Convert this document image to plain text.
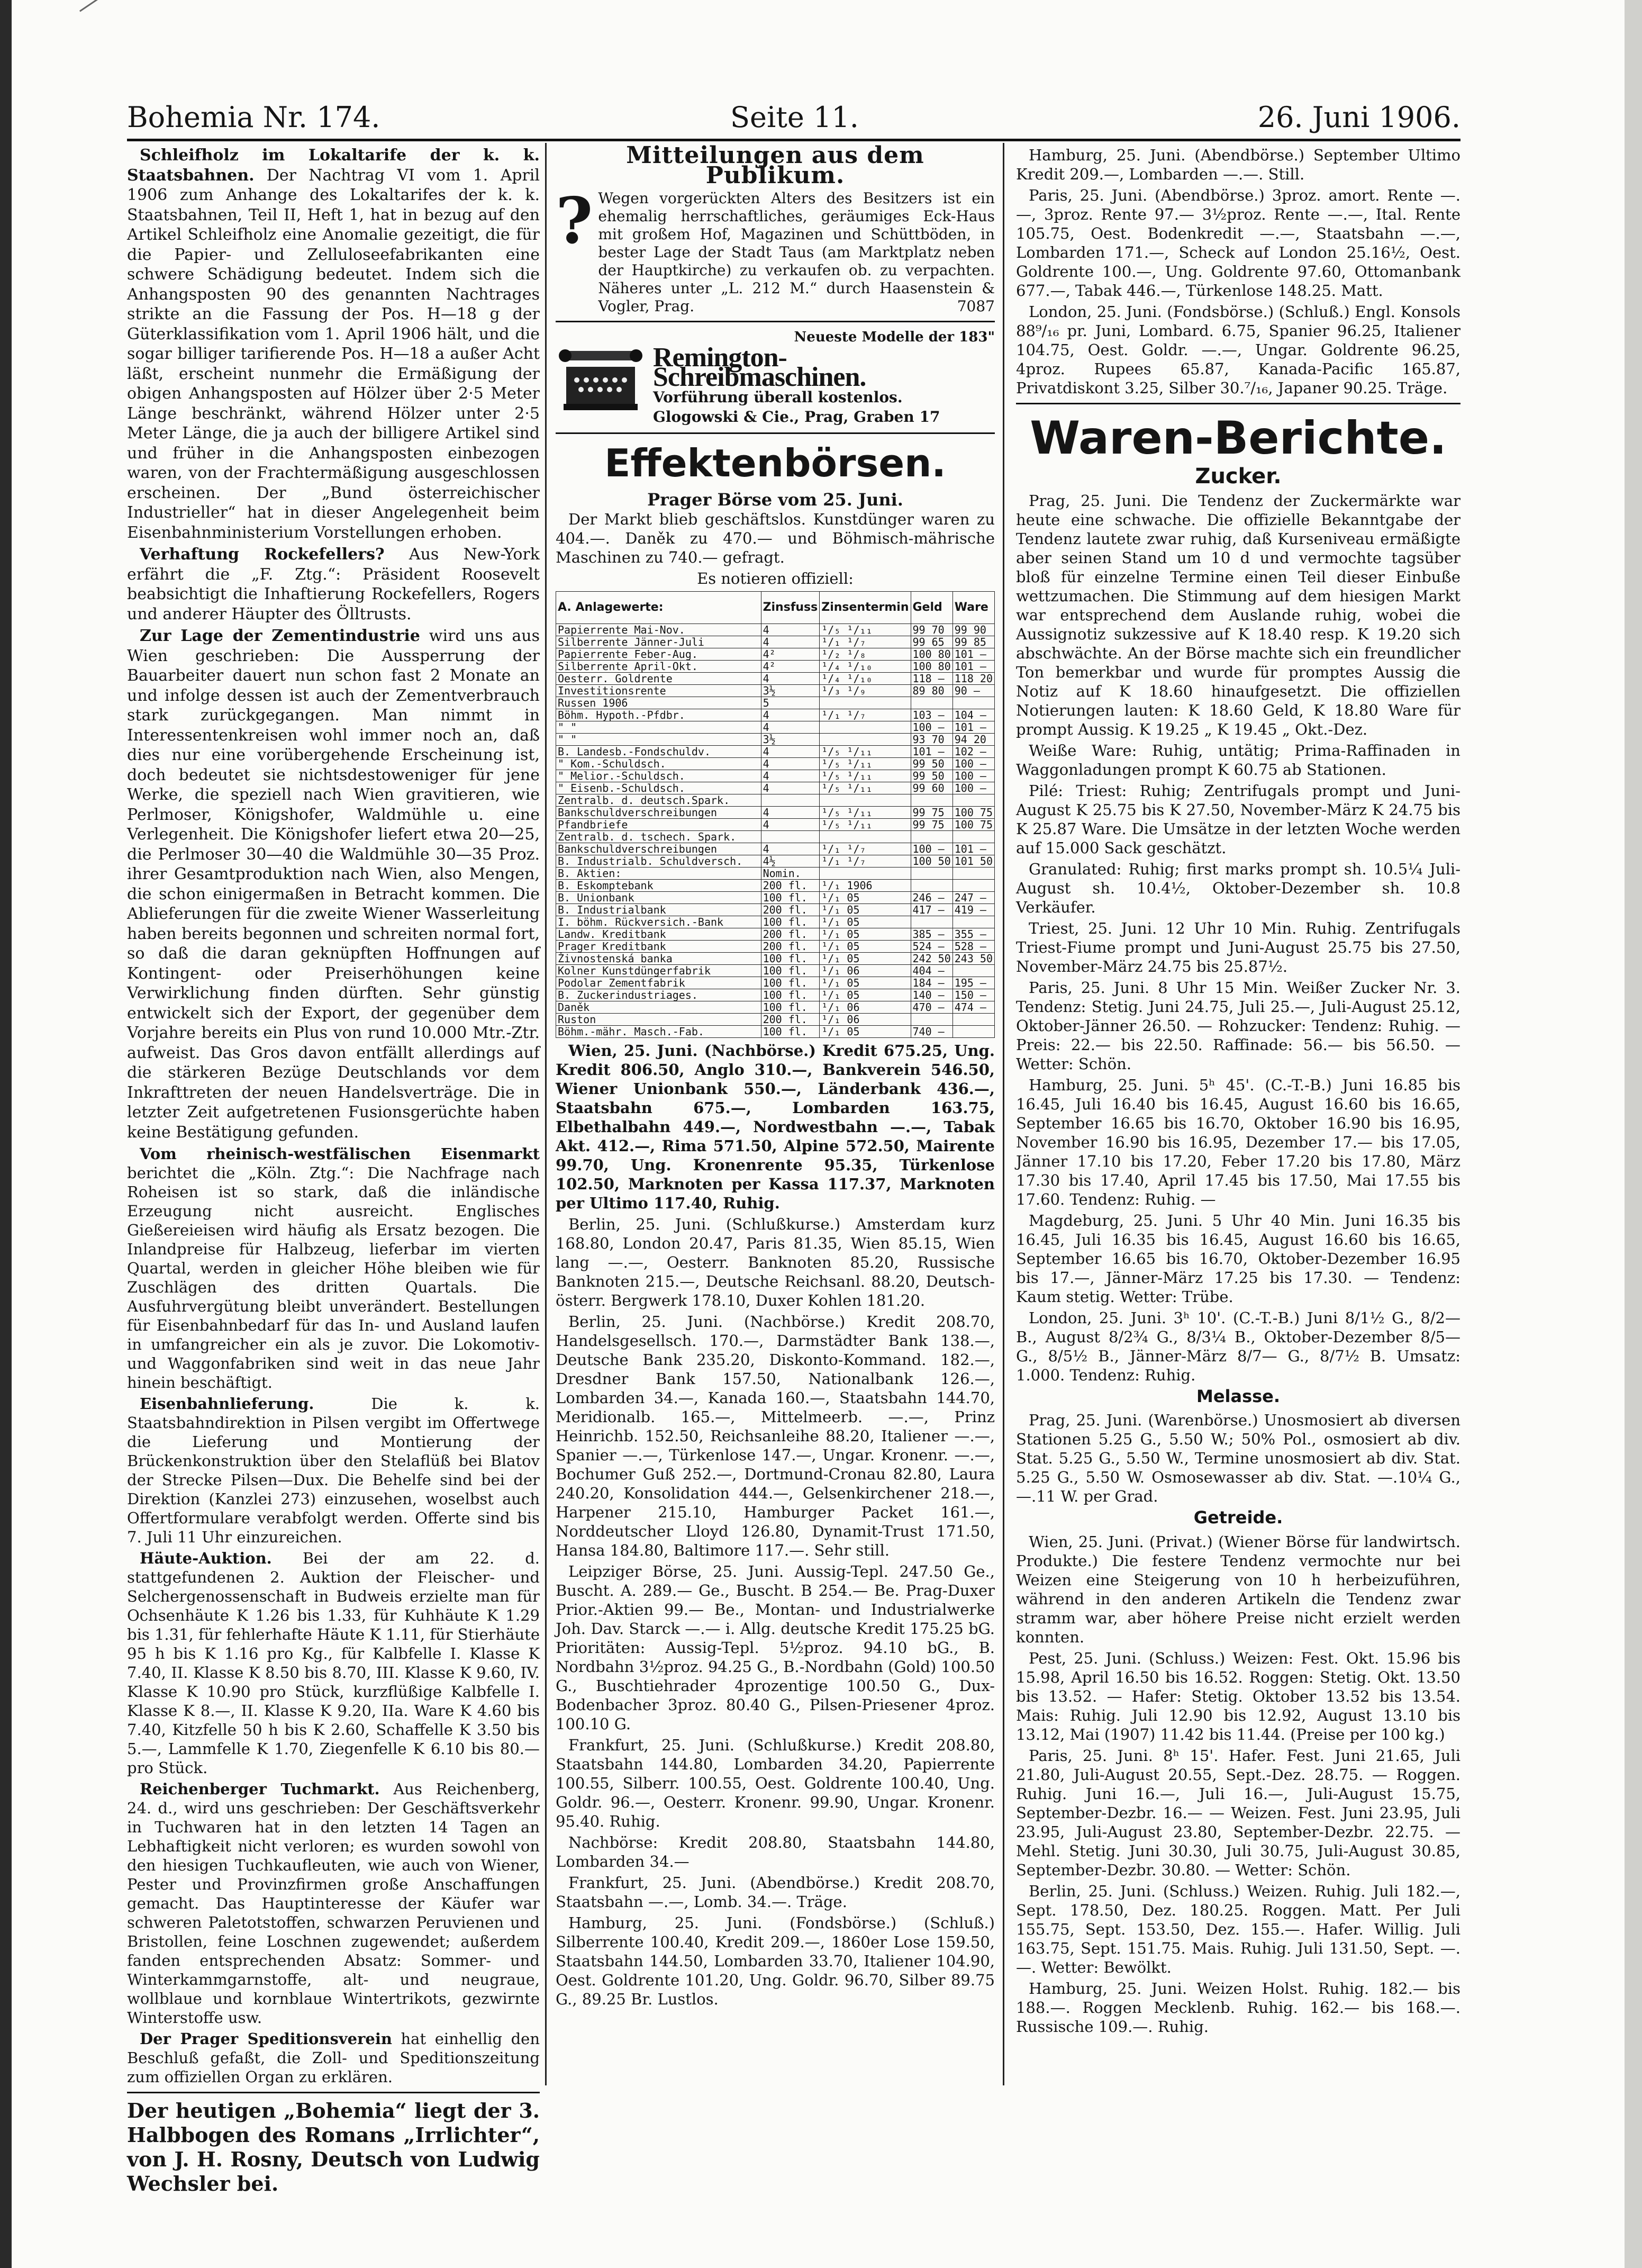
Bohemia Nr. 174.	Seite 11.	26. Juni 1906.

Schleifholz im Lokaltarife der k. k. Staatsbahnen. Der Nachtrag VI vom 1. April 1906 zum Anhange des Lokaltarifes der k. k. Staatsbahnen, Teil II, Heft 1, hat in bezug auf den Artikel Schleifholz eine Anomalie gezeitigt, die für die Papier- und Zelluloseefabrikanten eine schwere Schädigung bedeutet. Indem sich die Anhangsposten 90 des genannten Nachtrages strikte an die Fassung der Pos. H—18 g der Güterklassifikation vom 1. April 1906 hält, und die sogar billiger tarifierende Pos. H—18 a außer Acht läßt, erscheint nunmehr die Ermäßigung der obigen Anhangsposten auf Hölzer über 2·5 Meter Länge beschränkt, während Hölzer unter 2·5 Meter Länge, die ja auch der billigere Artikel sind und früher in die Anhangsposten einbezogen waren, von der Frachtermäßigung ausgeschlossen erscheinen. Der „Bund österreichischer Industrieller“ hat in dieser Angelegenheit beim Eisenbahnministerium Vorstellungen erhoben.

Verhaftung Rockefellers? Aus New-York erfährt die „F. Ztg.“: Präsident Roosevelt beabsichtigt die Inhaftierung Rockefellers, Rogers und anderer Häupter des Ölltrusts.

Zur Lage der Zementindustrie wird uns aus Wien geschrieben: Die Aussperrung der Bauarbeiter dauert nun schon fast 2 Monate an und infolge dessen ist auch der Zementverbrauch stark zurückgegangen. Man nimmt in Interessentenkreisen wohl immer noch an, daß dies nur eine vorübergehende Erscheinung ist, doch bedeutet sie nichtsdestoweniger für jene Werke, die speziell nach Wien gravitieren, wie Perlmoser, Königshofer, Waldmühle u. eine Verlegenheit. Die Königshofer liefert etwa 20—25, die Perlmoser 30—40 die Waldmühle 30—35 Proz. ihrer Gesamtproduktion nach Wien, also Mengen, die schon einigermaßen in Betracht kommen. Die Ablieferungen für die zweite Wiener Wasserleitung haben bereits begonnen und schreiten normal fort, so daß die daran geknüpften Hoffnungen auf Kontingent- oder Preiserhöhungen keine Verwirklichung finden dürften. Sehr günstig entwickelt sich der Export, der gegenüber dem Vorjahre bereits ein Plus von rund 10.000 Mtr.-Ztr. aufweist. Das Gros davon entfällt allerdings auf die stärkeren Bezüge Deutschlands vor dem Inkrafttreten der neuen Handelsverträge. Die in letzter Zeit aufgetretenen Fusionsgerüchte haben keine Bestätigung gefunden.

Vom rheinisch-westfälischen Eisenmarkt berichtet die „Köln. Ztg.“: Die Nachfrage nach Roheisen ist so stark, daß die inländische Erzeugung nicht ausreicht. Englisches Gießereieisen wird häufig als Ersatz bezogen. Die Inlandpreise für Halbzeug, lieferbar im vierten Quartal, werden in gleicher Höhe bleiben wie für Zuschlägen des dritten Quartals. Die Ausfuhrvergütung bleibt unverändert. Bestellungen für Eisenbahnbedarf für das In- und Ausland laufen in umfangreicher ein als je zuvor. Die Lokomotiv- und Waggonfabriken sind weit in das neue Jahr hinein beschäftigt.

Eisenbahnlieferung.	Die k. k. Staatsbahndirektion in Pilsen vergibt im Offertwege die Lieferung und Montierung der Brückenkonstruktion über den Stelaflüß bei Blatov der Strecke Pilsen—Dux. Die Behelfe sind bei der Direktion (Kanzlei 273) einzusehen, woselbst auch Offertformulare verabfolgt werden. Offerte sind bis 7. Juli 11 Uhr einzureichen.

Häute-Auktion. Bei der am 22. d. stattgefundenen 2. Auktion der Fleischer- und Selchergenossenschaft in Budweis erzielte man für Ochsenhäute K 1.26 bis 1.33, für Kuhhäute K 1.29 bis 1.31, für fehlerhafte Häute K 1.11, für Stierhäute 95 h bis K 1.16 pro Kg., für Kalbfelle I. Klasse K 7.40, II. Klasse K 8.50 bis 8.70, III. Klasse K 9.60, IV. Klasse K 10.90 pro Stück, kurzflüßige Kalbfelle I. Klasse K 8.—, II. Klasse K 9.20, IIa. Ware K 4.60 bis 7.40, Kitzfelle 50 h bis K 2.60, Schaffelle K 3.50 bis 5.—, Lammfelle K 1.70, Ziegenfelle K 6.10 bis 80.— pro Stück.

Reichenberger Tuchmarkt. Aus Reichenberg, 24. d., wird uns geschrieben: Der Geschäftsverkehr in Tuchwaren hat in den letzten 14 Tagen an Lebhaftigkeit nicht verloren; es wurden sowohl von den hiesigen Tuchkaufleuten, wie auch von Wiener, Pester und Provinzfirmen große Anschaffungen gemacht. Das Hauptinteresse der Käufer war schweren Paletotstoffen, schwarzen Peruvienen und Bristollen, feine Loschnen zugewendet; außerdem fanden entsprechenden Absatz: Sommer- und Winterkammgarnstoffe, alt- und neugraue, wollblaue und kornblaue Wintertrikots, gezwirnte Winterstoffe usw.

Der Prager Speditionsverein hat einhellig den Beschluß gefaßt, die Zoll- und Speditionszeitung zum offiziellen Organ zu erklären.

Der heutigen „Bohemia“ liegt der 3. Halbbogen des Romans „Irrlichter“, von J. H. Rosny, Deutsch von Ludwig Wechsler bei.

Mitteilungen aus dem Publikum.
? Wegen vorgerückten Alters des Besitzers ist ein ehemalig herrschaftliches, geräumiges Eck-Haus mit großem Hof, Magazinen und Schüttböden, in bester Lage der Stadt Taus (am Marktplatz neben der Hauptkirche) zu verkaufen ob. zu verpachten. Näheres unter „L. 212 M.“ durch Haasenstein & Vogler, Prag.	7087
Neueste Modelle der 183"
Remington-Schreibmaschinen.
Vorführung überall kostenlos.
Glogowski & Cie., Prag, Graben 17
Effektenbörsen.
Prager Börse vom 25. Juni.

Der Markt blieb geschäftslos. Kunstdünger waren zu 404.—. Daněk zu 470.— und Böhmisch-mährische Maschinen zu 740.— gefragt.

Es notieren offiziell:
A. Anlagewerte:	Zinsfuss	Zinsentermin	Geld	Ware
Papierrente Mai-Nov.	4	¹/₅ ¹/₁₁	99 70	99 90
Silberrente Jänner-Juli	4	¹/₁ ¹/₇	99 65	99 85
Papierrente Feber-Aug.	4²	¹/₂ ¹/₈	100 80	101 —
Silberrente April-Okt.	4²	¹/₄ ¹/₁₀	100 80	101 —
Oesterr. Goldrente	4	¹/₄ ¹/₁₀	118 —	118 20
Investitionsrente	3½	¹/₃ ¹/₉	89 80	90 —
Russen 1906	5			
Böhm. Hypoth.-Pfdbr.	4	¹/₁ ¹/₇	103 —	104 —
" "	4		100 —	101 —
" "	3½		93 70	94 20
B. Landesb.-Fondschuldv.	4	¹/₅ ¹/₁₁	101 —	102 —
" Kom.-Schuldsch.	4	¹/₅ ¹/₁₁	99 50	100 —
" Melior.-Schuldsch.	4	¹/₅ ¹/₁₁	99 50	100 —
" Eisenb.-Schuldsch.	4	¹/₅ ¹/₁₁	99 60	100 —
Zentralb. d. deutsch.Spark.				
Bankschuldverschreibungen	4	¹/₅ ¹/₁₁	99 75	100 75
Pfandbriefe	4	¹/₅ ¹/₁₁	99 75	100 75
Zentralb. d. tschech. Spark.				
Bankschuldverschreibungen	4	¹/₁ ¹/₇	100 —	101 —
B. Industrialb. Schuldversch.	4½	¹/₁ ¹/₇	100 50	101 50
B. Aktien:	Nomin.			
B. Eskomptebank	200 fl.	¹/₁ 1906		
B. Unionbank	100 fl.	¹/₁ 05	246 —	247 —
B. Industrialbank	200 fl.	¹/₁ 05	417 —	419 —
I. böhm. Rückversich.-Bank	100 fl.	¹/₁ 05		
Landw. Kreditbank	200 fl.	¹/₁ 05	385 —	355 —
Prager Kreditbank	200 fl.	¹/₁ 05	524 —	528 —
Živnostenská banka	100 fl.	¹/₁ 05	242 50	243 50
Kolner Kunstdüngerfabrik	100 fl.	¹/₁ 06	404 —	
Podolar Zementfabrik	100 fl.	¹/₁ 05	184 —	195 —
B. Zuckerindustriages.	100 fl.	¹/₁ 05	140 —	150 —
Daněk	100 fl.	¹/₁ 06	470 —	474 —
Ruston	200 fl.	¹/₁ 06		
Böhm.-mähr. Masch.-Fab.	100 fl.	¹/₁ 05	740 —	

Wien, 25. Juni. (Nachbörse.) Kredit 675.25, Ung. Kredit 806.50, Anglo 310.—, Bankverein 546.50, Wiener Unionbank 550.—, Länderbank 436.—, Staatsbahn 675.—, Lombarden 163.75, Elbethalbahn 449.—, Nordwestbahn —.—, Tabak Akt. 412.—, Rima 571.50, Alpine 572.50, Mairente 99.70, Ung. Kronenrente 95.35, Türkenlose 102.50, Marknoten per Kassa 117.37, Marknoten per Ultimo 117.40, Ruhig.

Berlin, 25. Juni. (Schlußkurse.) Amsterdam kurz 168.80, London 20.47, Paris 81.35, Wien 85.15, Wien lang —.—, Oesterr. Banknoten 85.20, Russische Banknoten 215.—, Deutsche Reichsanl. 88.20, Deutsch-österr. Bergwerk 178.10, Duxer Kohlen 181.20.

Berlin, 25. Juni. (Nachbörse.) Kredit 208.70, Handelsgesellsch. 170.—, Darmstädter Bank 138.—, Deutsche Bank 235.20, Diskonto-Kommand. 182.—, Dresdner Bank 157.50, Nationalbank 126.—, Lombarden 34.—, Kanada 160.—, Staatsbahn 144.70, Meridionalb. 165.—, Mittelmeerb. —.—, Prinz Heinrichb. 152.50, Reichsanleihe 88.20, Italiener —.—, Spanier —.—, Türkenlose 147.—, Ungar. Kronenr. —.—, Bochumer Guß 252.—, Dortmund-Cronau 82.80, Laura 240.20, Konsolidation 444.—, Gelsenkirchener 218.—, Harpener 215.10, Hamburger Packet 161.—, Norddeutscher Lloyd 126.80, Dynamit-Trust 171.50, Hansa 184.80, Baltimore 117.—. Sehr still.

Leipziger Börse, 25. Juni. Aussig-Tepl. 247.50 Ge., Buscht. A. 289.— Ge., Buscht. B 254.— Be. Prag-Duxer Prior.-Aktien 99.— Be., Montan- und Industrialwerke Joh. Dav. Starck —.— i. Allg. deutsche Kredit 175.25 bG. Prioritäten: Aussig-Tepl. 5½proz. 94.10 bG., B. Nordbahn 3½proz. 94.25 G., B.-Nordbahn (Gold) 100.50 G., Buschtiehrader 4prozentige 100.50 G., Dux-Bodenbacher 3proz. 80.40 G., Pilsen-Priesener 4proz. 100.10 G.

Frankfurt, 25. Juni. (Schlußkurse.) Kredit 208.80, Staatsbahn 144.80, Lombarden 34.20, Papierrente 100.55, Silberr. 100.55, Oest. Goldrente 100.40, Ung. Goldr. 96.—, Oesterr. Kronenr. 99.90, Ungar. Kronenr. 95.40. Ruhig.

Nachbörse: Kredit 208.80, Staatsbahn 144.80, Lombarden 34.—

Frankfurt, 25. Juni. (Abendbörse.) Kredit 208.70, Staatsbahn —.—, Lomb. 34.—. Träge.

Hamburg, 25. Juni. (Fondsbörse.) (Schluß.) Silberrente 100.40, Kredit 209.—, 1860er Lose 159.50, Staatsbahn 144.50, Lombarden 33.70, Italiener 104.90, Oest. Goldrente 101.20, Ung. Goldr. 96.70, Silber 89.75 G., 89.25 Br. Lustlos.

Hamburg, 25. Juni. (Abendbörse.) September Ultimo Kredit 209.—, Lombarden —.—. Still.

Paris, 25. Juni. (Abendbörse.) 3proz. amort. Rente —.—, 3proz. Rente 97.— 3½proz. Rente —.—, Ital. Rente 105.75, Oest. Bodenkredit —.—, Staatsbahn —.—, Lombarden 171.—, Scheck auf London 25.16½, Oest. Goldrente 100.—, Ung. Goldrente 97.60, Ottomanbank 677.—, Tabak 446.—, Türkenlose 148.25. Matt.

London, 25. Juni. (Fondsbörse.) (Schluß.) Engl. Konsols 88⁹/₁₆ pr. Juni, Lombard. 6.75, Spanier 96.25, Italiener 104.75, Oest. Goldr. —.—, Ungar. Goldrente 96.25, 4proz. Rupees 65.87, Kanada-Pacific 165.87, Privatdiskont 3.25, Silber 30.⁷/₁₆, Japaner 90.25. Träge.

Waren-Berichte.
Zucker.

Prag, 25. Juni. Die Tendenz der Zuckermärkte war heute eine schwache. Die offizielle Bekanntgabe der Tendenz lautete zwar ruhig, daß Kurseniveau ermäßigte aber seinen Stand um 10 d und vermochte tagsüber bloß für einzelne Termine einen Teil dieser Einbuße wettzumachen. Die Stimmung auf dem hiesigen Markt war entsprechend dem Auslande ruhig, wobei die Aussignotiz sukzessive auf K 18.40 resp. K 19.20 sich abschwächte. An der Börse machte sich ein freundlicher Ton bemerkbar und wurde für promptes Aussig die Notiz auf K 18.60 hinaufgesetzt. Die offiziellen Notierungen lauten: K 18.60 Geld, K 18.80 Ware für prompt Aussig. K 19.25 „ K 19.45 „ Okt.-Dez.

Weiße Ware: Ruhig, untätig; Prima-Raffinaden in Waggonladungen prompt K 60.75 ab Stationen.

Pilé: Triest: Ruhig; Zentrifugals prompt und Juni-August K 25.75 bis K 27.50, November-März K 24.75 bis K 25.87 Ware. Die Umsätze in der letzten Woche werden auf 15.000 Sack geschätzt.

Granulated: Ruhig; first marks prompt sh. 10.5¼ Juli-August sh. 10.4½, Oktober-Dezember sh. 10.8 Verkäufer.

Triest, 25. Juni. 12 Uhr 10 Min. Ruhig. Zentrifugals Triest-Fiume prompt und Juni-August 25.75 bis 27.50, November-März 24.75 bis 25.87½.

Paris, 25. Juni. 8 Uhr 15 Min. Weißer Zucker Nr. 3. Tendenz: Stetig. Juni 24.75, Juli 25.—, Juli-August 25.12, Oktober-Jänner 26.50. — Rohzucker: Tendenz: Ruhig. — Preis: 22.— bis 22.50. Raffinade: 56.— bis 56.50. — Wetter: Schön.

Hamburg, 25. Juni. 5ʰ 45'. (C.-T.-B.) Juni 16.85 bis 16.45, Juli 16.40 bis 16.45, August 16.60 bis 16.65, September 16.65 bis 16.70, Oktober 16.90 bis 16.95, November 16.90 bis 16.95, Dezember 17.— bis 17.05, Jänner 17.10 bis 17.20, Feber 17.20 bis 17.80, März 17.30 bis 17.40, April 17.45 bis 17.50, Mai 17.55 bis 17.60. Tendenz: Ruhig. —

Magdeburg, 25. Juni. 5 Uhr 40 Min. Juni 16.35 bis 16.45, Juli 16.35 bis 16.45, August 16.60 bis 16.65, September 16.65 bis 16.70, Oktober-Dezember 16.95 bis 17.—, Jänner-März 17.25 bis 17.30. — Tendenz: Kaum stetig. Wetter: Trübe.

London, 25. Juni. 3ʰ 10'. (C.-T.-B.) Juni 8/1½ G., 8/2— B., August 8/2¾ G., 8/3¼ B., Oktober-Dezember 8/5— G., 8/5½ B., Jänner-März 8/7— G., 8/7½ B. Umsatz: 1.000. Tendenz: Ruhig.

Melasse.

Prag, 25. Juni. (Warenbörse.) Unosmosiert ab diversen Stationen 5.25 G., 5.50 W.; 50% Pol., osmosiert ab div. Stat. 5.25 G., 5.50 W., Termine unosmosiert ab div. Stat. 5.25 G., 5.50 W. Osmosewasser ab div. Stat. —.10¼ G., —.11 W. per Grad.

Getreide.

Wien, 25. Juni. (Privat.) (Wiener Börse für landwirtsch. Produkte.) Die festere Tendenz vermochte nur bei Weizen eine Steigerung von 10 h herbeizuführen, während in den anderen Artikeln die Tendenz zwar stramm war, aber höhere Preise nicht erzielt werden konnten.

Pest, 25. Juni. (Schluss.) Weizen: Fest. Okt. 15.96 bis 15.98, April 16.50 bis 16.52. Roggen: Stetig. Okt. 13.50 bis 13.52. — Hafer: Stetig. Oktober 13.52 bis 13.54. Mais: Ruhig. Juli 12.90 bis 12.92, August 13.10 bis 13.12, Mai (1907) 11.42 bis 11.44. (Preise per 100 kg.)

Paris, 25. Juni. 8ʰ 15'. Hafer. Fest. Juni 21.65, Juli 21.80, Juli-August 20.55, Sept.-Dez. 28.75. — Roggen. Ruhig. Juni 16.—, Juli 16.—, Juli-August 15.75, September-Dezbr. 16.— — Weizen. Fest. Juni 23.95, Juli 23.95, Juli-August 23.80, September-Dezbr. 22.75. — Mehl. Stetig. Juni 30.30, Juli 30.75, Juli-August 30.85, September-Dezbr. 30.80. — Wetter: Schön.

Berlin, 25. Juni. (Schluss.) Weizen. Ruhig. Juli 182.—, Sept. 178.50, Dez. 180.25. Roggen. Matt. Per Juli 155.75, Sept. 153.50, Dez. 155.—. Hafer. Willig. Juli 163.75, Sept. 151.75. Mais. Ruhig. Juli 131.50, Sept. —.—. Wetter: Bewölkt.

Hamburg, 25. Juni. Weizen Holst. Ruhig. 182.— bis 188.—. Roggen Mecklenb. Ruhig. 162.— bis 168.—. Russische 109.—. Ruhig.
